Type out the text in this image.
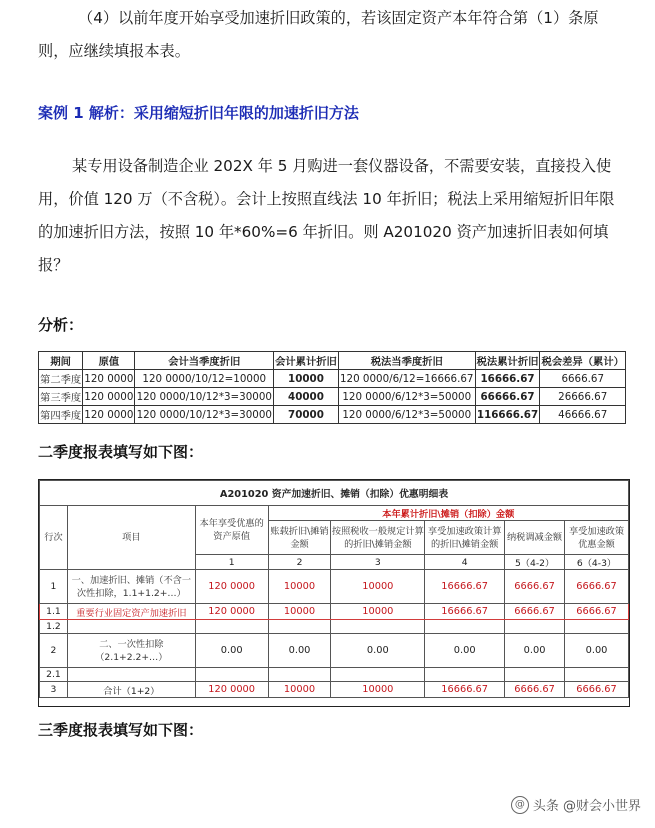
（4）以前年度开始享受加速折旧政策的，若该固定资产本年符合第（1）条原则，应继续填报本表。
案例 1 解析：采用缩短折旧年限的加速折旧方法
某专用设备制造企业 202X 年 5 月购进一套仪器设备，不需要安装，直接投入使用，价值 120 万（不含税）。会计上按照直线法 10 年折旧；税法上采用缩短折旧年限的加速折旧方法，按照 10 年*60%=6 年折旧。则 A201020 资产加速折旧表如何填报？
分析：
期间	原值	会计当季度折旧	会计累计折旧	税法当季度折旧	税法累计折旧	税会差异（累计）
第二季度	120 0000	120 0000/10/12=10000	10000	120 0000/6/12=16666.67	16666.67	6666.67
第三季度	120 0000	120 0000/10/12*3=30000	40000	120 0000/6/12*3=50000	66666.67	26666.67
第四季度	120 0000	120 0000/10/12*3=30000	70000	120 0000/6/12*3=50000	116666.67	46666.67
二季度报表填写如下图：
A201020 资产加速折旧、摊销（扣除）优惠明细表							
行次	项目	本年享受优惠的资产原值	本年累计折旧\摊销（扣除）金额				
			账载折旧\摊销金额	按照税收一般规定计算的折旧\摊销金额	享受加速政策计算的折旧\摊销金额	纳税调减金额	享受加速政策优惠金额
		1	2	3	4	5（4-2）	6（4-3）
1	一、加速折旧、摊销（不含一次性扣除，1.1+1.2+…）	120 0000	10000	10000	16666.67	6666.67	6666.67
1.1	重要行业固定资产加速折旧	120 0000	10000	10000	16666.67	6666.67	6666.67
1.2							
2	二、一次性扣除（2.1+2.2+…）	0.00	0.00	0.00	0.00	0.00	0.00
2.1							
3	合计（1+2）	120 0000	10000	10000	16666.67	6666.67	6666.67
三季度报表填写如下图：
@ 头条 @财会小世界
